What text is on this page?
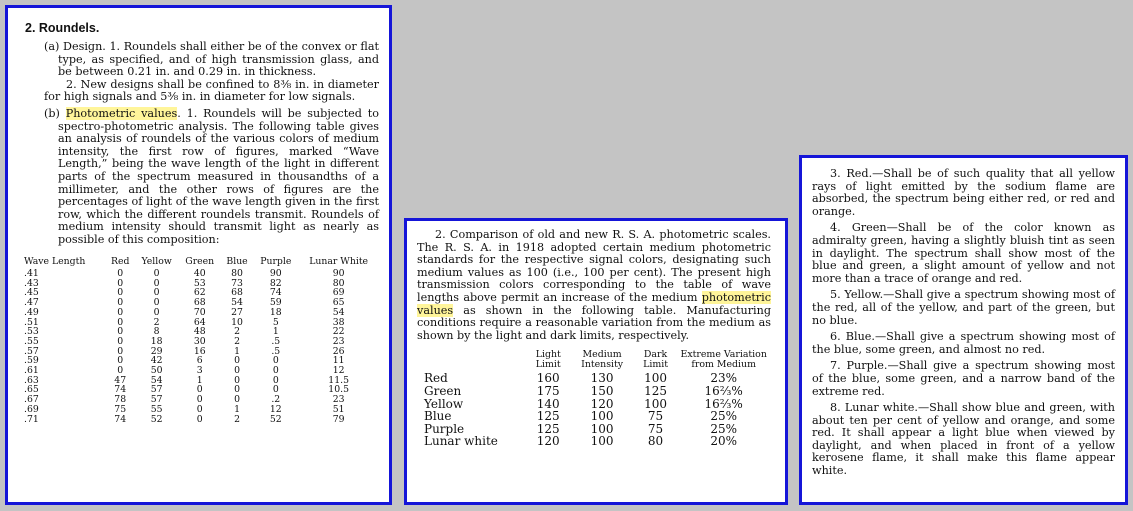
2. Roundels.

(a) Design. 1. Roundels shall either be of the convex or flat type, as specified, and of high transmission glass, and be between 0.21 in. and 0.29 in. in thickness.

2. New designs shall be confined to 8⅜ in. in diameter for high signals and 5⅜ in. in diameter for low signals.

(b) Photometric values. 1. Roundels will be subjected to spectro-photometric analysis. The following table gives an analysis of roundels of the various colors of medium intensity, the first row of figures, marked “Wave Length,” being the wave length of the light in different parts of the spectrum measured in thousandths of a millimeter, and the other rows of figures are the percentages of light of the wave length given in the first row, which the different roundels transmit. Roundels of medium intensity should transmit light as nearly as possible of this composition:

Wave Length	Red	Yellow	Green	Blue	Purple	Lunar White
.41	0	0	40	80	90	90
.43	0	0	53	73	82	80
.45	0	0	62	68	74	69
.47	0	0	68	54	59	65
.49	0	0	70	27	18	54
.51	0	2	64	10	5	38
.53	0	8	48	2	1	22
.55	0	18	30	2	.5	23
.57	0	29	16	1	.5	26
.59	0	42	6	0	0	11
.61	0	50	3	0	0	12
.63	47	54	1	0	0	11.5
.65	74	57	0	0	0	10.5
.67	78	57	0	0	.2	23
.69	75	55	0	1	12	51
.71	74	52	0	2	52	79

2. Comparison of old and new R. S. A. photometric scales. The R. S. A. in 1918 adopted certain medium photometric standards for the respective signal colors, designating such medium values as 100 (i.e., 100 per cent). The present high transmission colors corresponding to the table of wave lengths above permit an increase of the medium photometric values as shown in the following table. Manufacturing conditions require a reasonable variation from the medium as shown by the light and dark limits, respectively.

	Light Limit	Medium Intensity	Dark Limit	Extreme Variation from Medium
Red	160	130	100	23%
Green	175	150	125	16⅔%
Yellow	140	120	100	16⅔%
Blue	125	100	75	25%
Purple	125	100	75	25%
Lunar white	120	100	80	20%

3. Red.—Shall be of such quality that all yellow rays of light emitted by the sodium flame are absorbed, the spectrum being either red, or red and orange.

4. Green—Shall be of the color known as admiralty green, having a slightly bluish tint as seen in daylight. The spectrum shall show most of the blue and green, a slight amount of yellow and not more than a trace of orange and red.

5. Yellow.—Shall give a spectrum showing most of the red, all of the yellow, and part of the green, but no blue.

6. Blue.—Shall give a spectrum showing most of the blue, some green, and almost no red.

7. Purple.—Shall give a spectrum showing most of the blue, some green, and a narrow band of the extreme red.

8. Lunar white.—Shall show blue and green, with about ten per cent of yellow and orange, and some red. It shall appear a light blue when viewed by daylight, and when placed in front of a yellow kerosene flame, it shall make this flame appear white.
